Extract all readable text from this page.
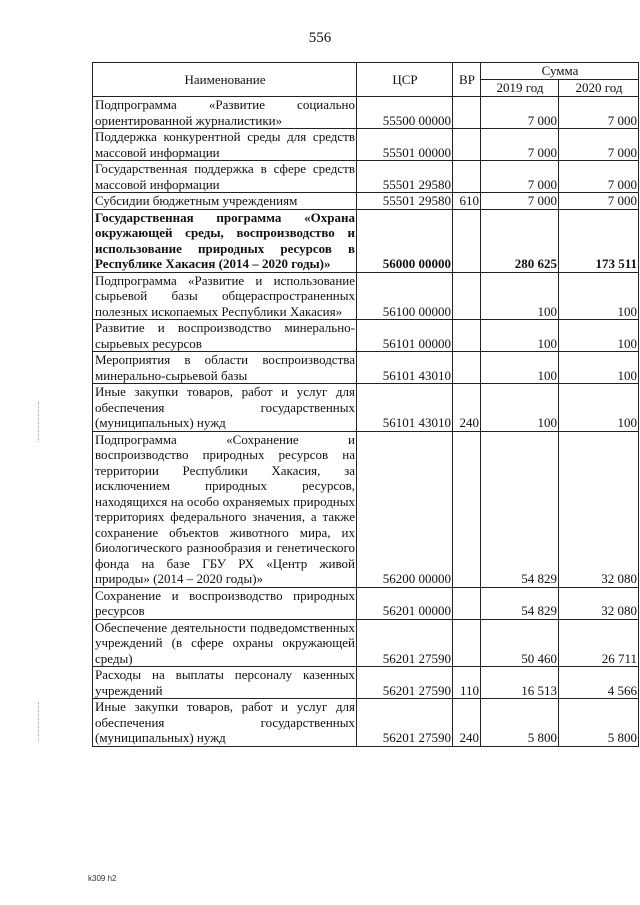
556
Наименование	ЦСР	ВР	Сумма	
			2019 год	2020 год
Подпрограмма «Развитие социально ориентированной журналистики»	55500 00000		7 000	7 000
Поддержка конкурентной среды для средств массовой информации	55501 00000		7 000	7 000
Государственная поддержка в сфере средств массовой информации	55501 29580		7 000	7 000
Субсидии бюджетным учреждениям	55501 29580	610	7 000	7 000
Государственная программа «Охрана окружающей среды, воспроизводство и использование природных ресурсов в Республике Хакасия (2014 – 2020 годы)»	56000 00000		280 625	173 511
Подпрограмма «Развитие и использование сырьевой базы общераспространенных полезных ископаемых Республики Хакасия»	56100 00000		100	100
Развитие и воспроизводство минерально-сырьевых ресурсов	56101 00000		100	100
Мероприятия в области воспроизводства минерально-сырьевой базы	56101 43010		100	100
Иные закупки товаров, работ и услуг для обеспечения государственных (муниципальных) нужд	56101 43010	240	100	100
Подпрограмма «Сохранение и воспроизводство природных ресурсов на территории Республики Хакасия, за исключением природных ресурсов, находящихся на особо охраняемых природных территориях федерального значения, а также сохранение объектов животного мира, их биологического разнообразия и генетического фонда на базе ГБУ РХ «Центр живой природы» (2014 – 2020 годы)»	56200 00000		54 829	32 080
Сохранение и воспроизводство природных ресурсов	56201 00000		54 829	32 080
Обеспечение деятельности подведомственных учреждений (в сфере охраны окружающей среды)	56201 27590		50 460	26 711
Расходы на выплаты персоналу казенных учреждений	56201 27590	110	16 513	4 566
Иные закупки товаров, работ и услуг для обеспечения государственных (муниципальных) нужд	56201 27590	240	5 800	5 800
k309 h2
